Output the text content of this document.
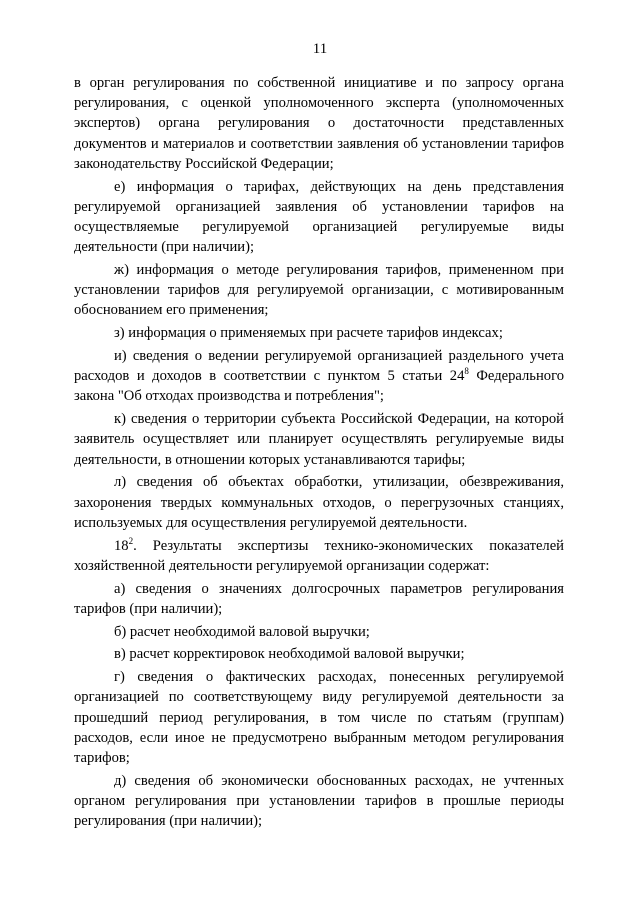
11

в орган регулирования по собственной инициативе и по запросу органа регулирования, с оценкой уполномоченного эксперта (уполномоченных экспертов) органа регулирования о достаточности представленных документов и материалов и соответствии заявления об установлении тарифов законодательству Российской Федерации;

е) информация о тарифах, действующих на день представления регулируемой организацией заявления об установлении тарифов на осуществляемые регулируемой организацией регулируемые виды деятельности (при наличии);

ж) информация о методе регулирования тарифов, примененном при установлении тарифов для регулируемой организации, с мотивированным обоснованием его применения;

з) информация о применяемых при расчете тарифов индексах;

и) сведения о ведении регулируемой организацией раздельного учета расходов и доходов в соответствии с пунктом 5 статьи $24^8$ Федерального закона "Об отходах производства и потребления";

к) сведения о территории субъекта Российской Федерации, на которой заявитель осуществляет или планирует осуществлять регулируемые виды деятельности, в отношении которых устанавливаются тарифы;

л) сведения об объектах обработки, утилизации, обезвреживания, захоронения твердых коммунальных отходов, о перегрузочных станциях, используемых для осуществления регулируемой деятельности.

$18^2$. Результаты экспертизы технико-экономических показателей хозяйственной деятельности регулируемой организации содержат:

а) сведения о значениях долгосрочных параметров регулирования тарифов (при наличии);

б) расчет необходимой валовой выручки;

в) расчет корректировок необходимой валовой выручки;

г) сведения о фактических расходах, понесенных регулируемой организацией по соответствующему виду регулируемой деятельности за прошедший период регулирования, в том числе по статьям (группам) расходов, если иное не предусмотрено выбранным методом регулирования тарифов;

д) сведения об экономически обоснованных расходах, не учтенных органом регулирования при установлении тарифов в прошлые периоды регулирования (при наличии);
